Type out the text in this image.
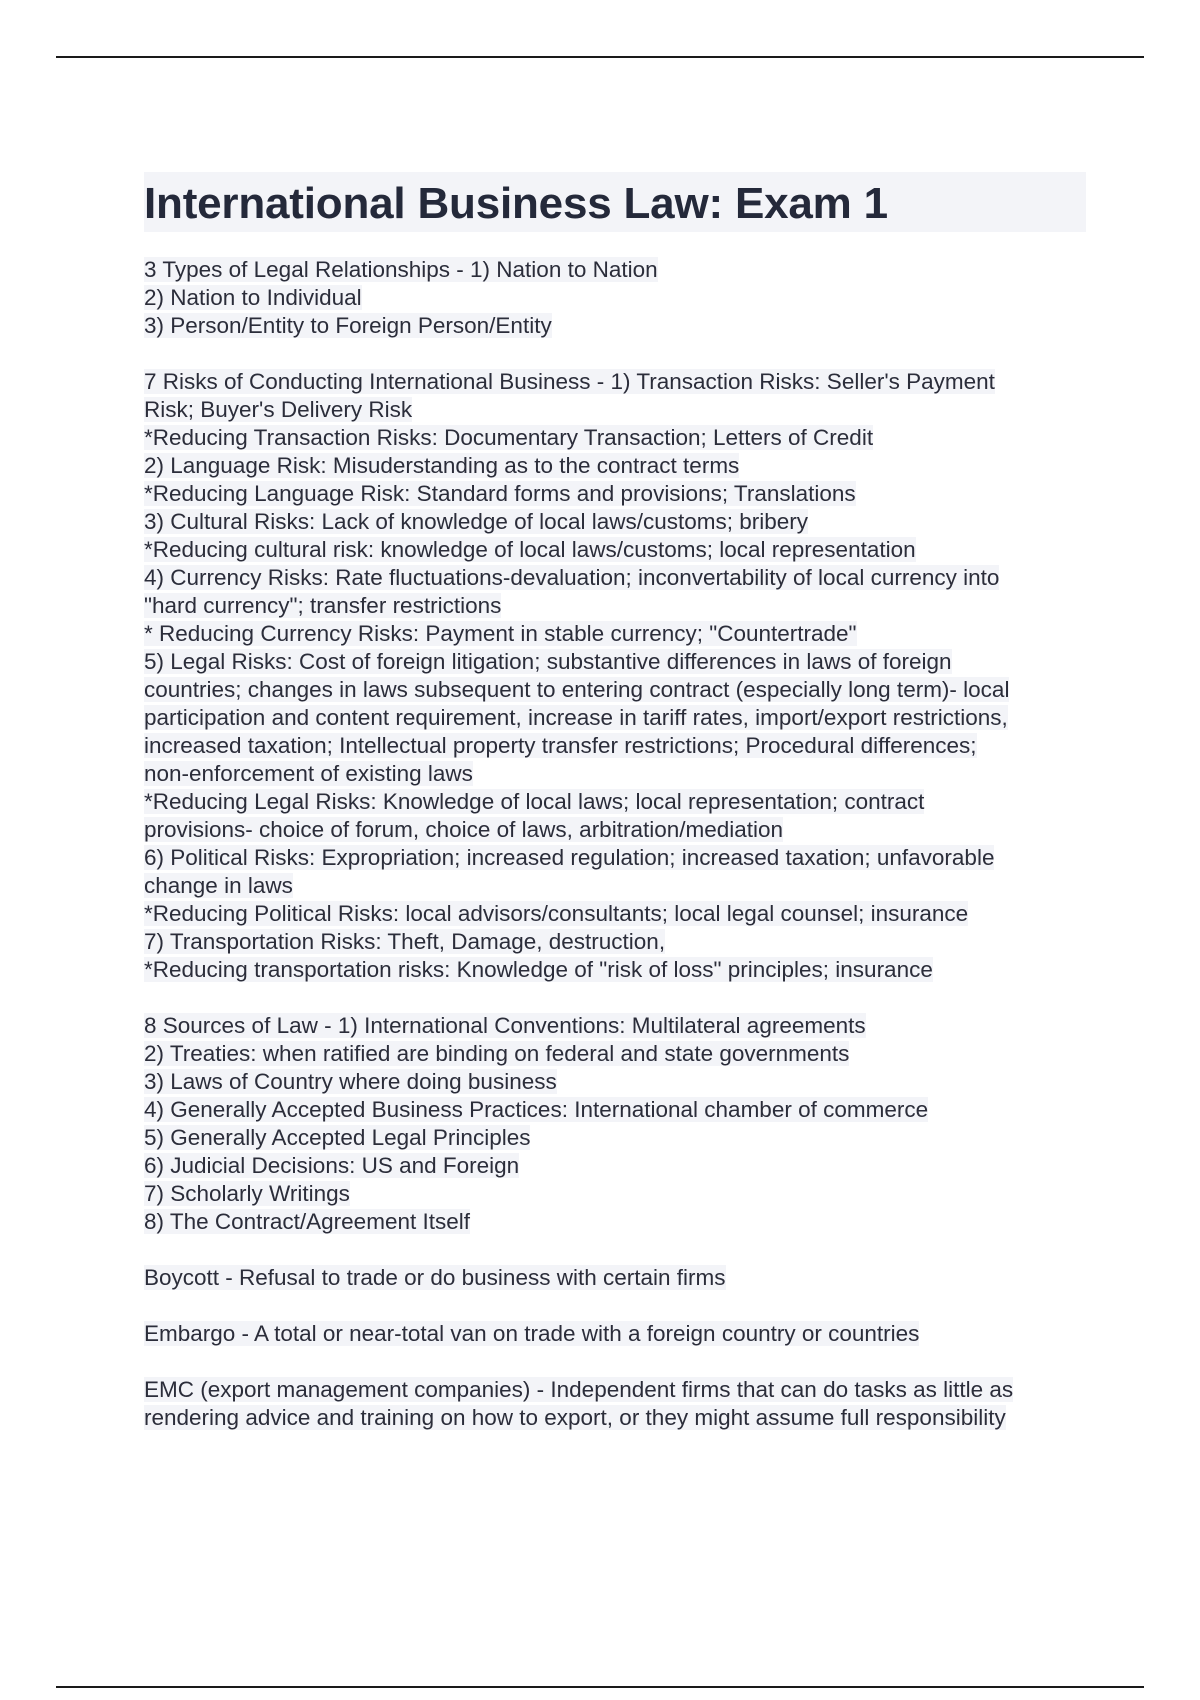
International Business Law: Exam 1
3 Types of Legal Relationships - 1) Nation to Nation
2) Nation to Individual
3) Person/Entity to Foreign Person/Entity
7 Risks of Conducting International Business - 1) Transaction Risks: Seller's Payment
Risk; Buyer's Delivery Risk
*Reducing Transaction Risks: Documentary Transaction; Letters of Credit
2) Language Risk: Misuderstanding as to the contract terms
*Reducing Language Risk: Standard forms and provisions; Translations
3) Cultural Risks: Lack of knowledge of local laws/customs; bribery
*Reducing cultural risk: knowledge of local laws/customs; local representation
4) Currency Risks: Rate fluctuations-devaluation; inconvertability of local currency into
"hard currency"; transfer restrictions
* Reducing Currency Risks: Payment in stable currency; "Countertrade"
5) Legal Risks: Cost of foreign litigation; substantive differences in laws of foreign
countries; changes in laws subsequent to entering contract (especially long term)- local
participation and content requirement, increase in tariff rates, import/export restrictions,
increased taxation; Intellectual property transfer restrictions; Procedural differences;
non-enforcement of existing laws
*Reducing Legal Risks: Knowledge of local laws; local representation; contract
provisions- choice of forum, choice of laws, arbitration/mediation
6) Political Risks: Expropriation; increased regulation; increased taxation; unfavorable
change in laws
*Reducing Political Risks: local advisors/consultants; local legal counsel; insurance
7) Transportation Risks: Theft, Damage, destruction,
*Reducing transportation risks: Knowledge of "risk of loss" principles; insurance
8 Sources of Law - 1) International Conventions: Multilateral agreements
2) Treaties: when ratified are binding on federal and state governments
3) Laws of Country where doing business
4) Generally Accepted Business Practices: International chamber of commerce
5) Generally Accepted Legal Principles
6) Judicial Decisions: US and Foreign
7) Scholarly Writings
8) The Contract/Agreement Itself
Boycott - Refusal to trade or do business with certain firms
Embargo - A total or near-total van on trade with a foreign country or countries
EMC (export management companies) - Independent firms that can do tasks as little as
rendering advice and training on how to export, or they might assume full responsibility
